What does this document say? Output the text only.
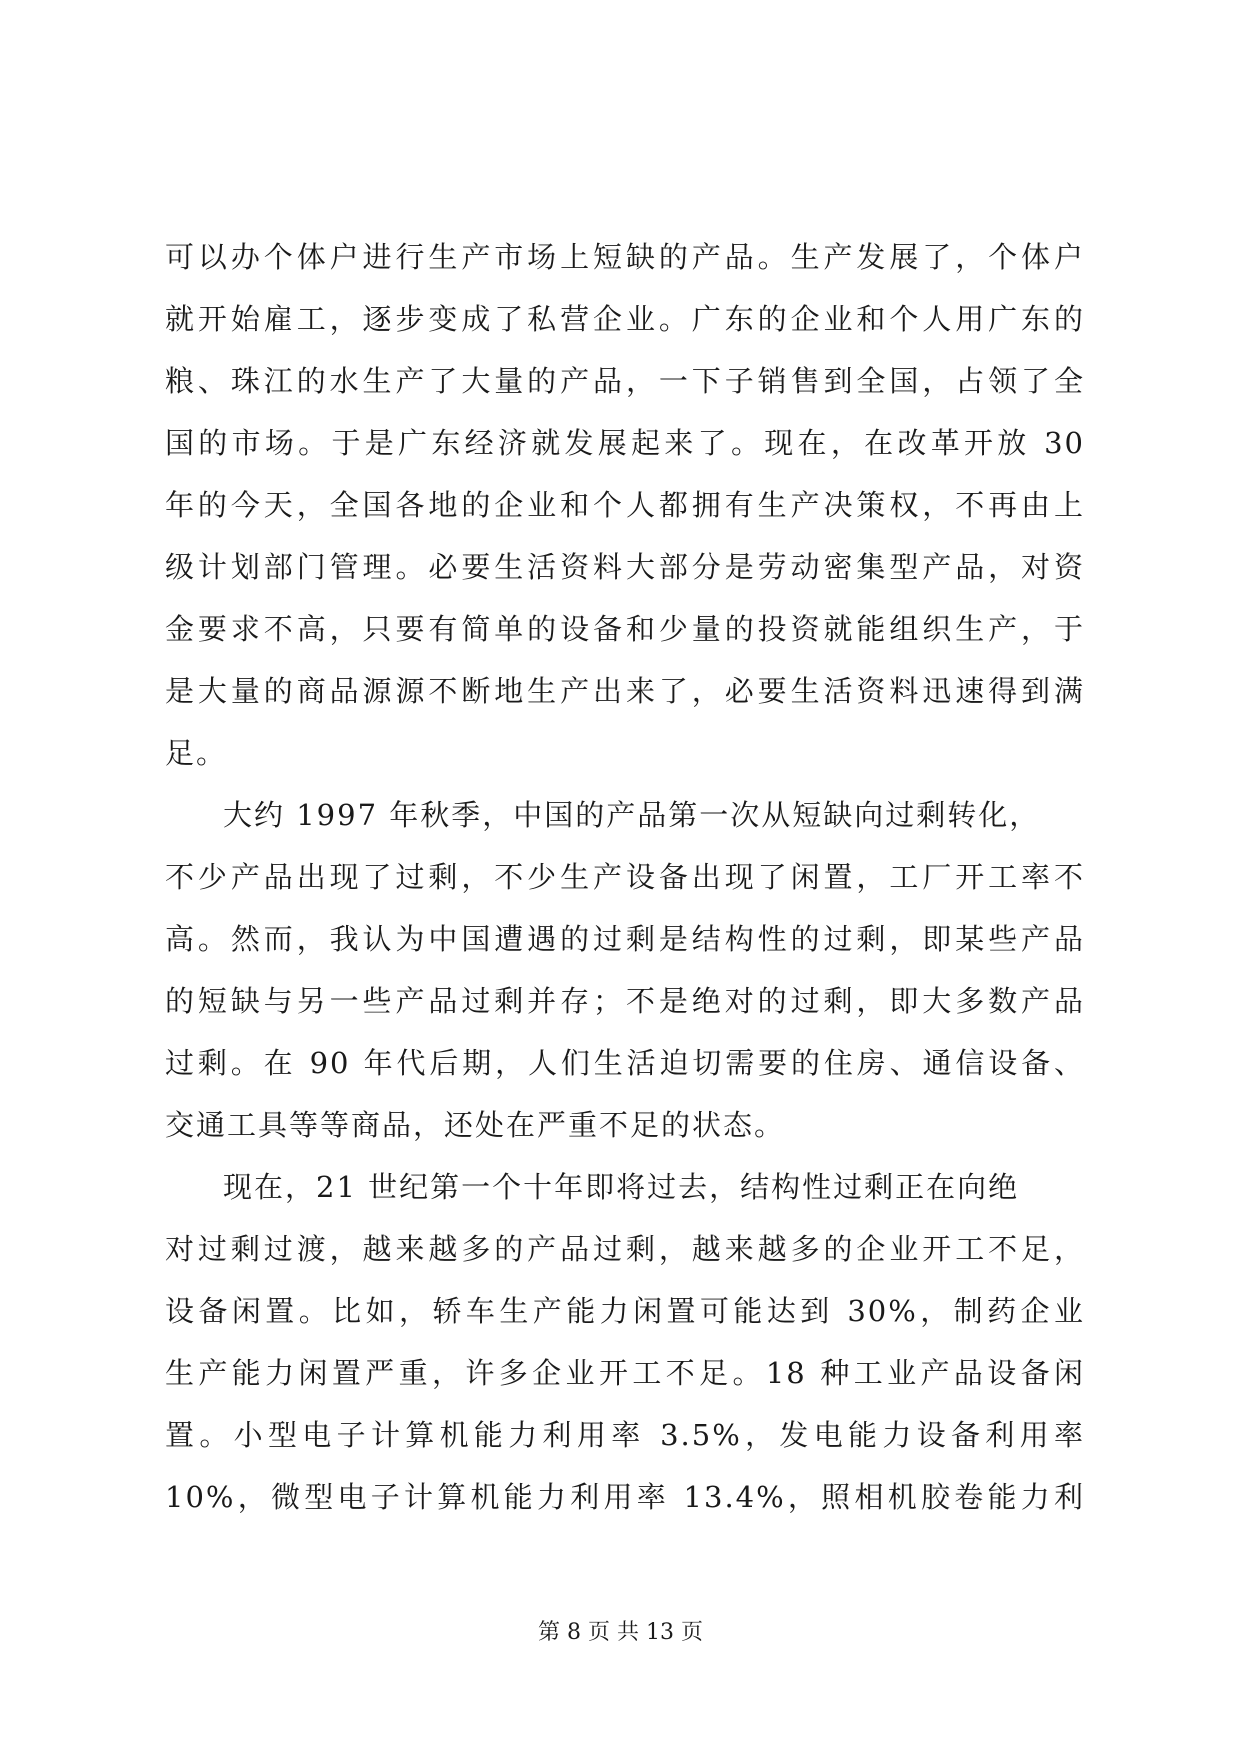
可以办个体户进行生产市场上短缺的产品。生产发展了，个体户
就开始雇工，逐步变成了私营企业。广东的企业和个人用广东的
粮、珠江的水生产了大量的产品，一下子销售到全国，占领了全
国的市场。于是广东经济就发展起来了。现在，在改革开放 30
年的今天，全国各地的企业和个人都拥有生产决策权，不再由上
级计划部门管理。必要生活资料大部分是劳动密集型产品，对资
金要求不高，只要有简单的设备和少量的投资就能组织生产，于
是大量的商品源源不断地生产出来了，必要生活资料迅速得到满
足。
大约 1997 年秋季，中国的产品第一次从短缺向过剩转化，
不少产品出现了过剩，不少生产设备出现了闲置，工厂开工率不
高。然而，我认为中国遭遇的过剩是结构性的过剩，即某些产品
的短缺与另一些产品过剩并存；不是绝对的过剩，即大多数产品
过剩。在 90 年代后期，人们生活迫切需要的住房、通信设备、
交通工具等等商品，还处在严重不足的状态。
现在，21 世纪第一个十年即将过去，结构性过剩正在向绝
对过剩过渡，越来越多的产品过剩，越来越多的企业开工不足，
设备闲置。比如，轿车生产能力闲置可能达到 30%，制药企业
生产能力闲置严重，许多企业开工不足。18 种工业产品设备闲
置。小型电子计算机能力利用率 3.5%，发电能力设备利用率
10%，微型电子计算机能力利用率 13.4%，照相机胶卷能力利
第 8 页 共 13 页
